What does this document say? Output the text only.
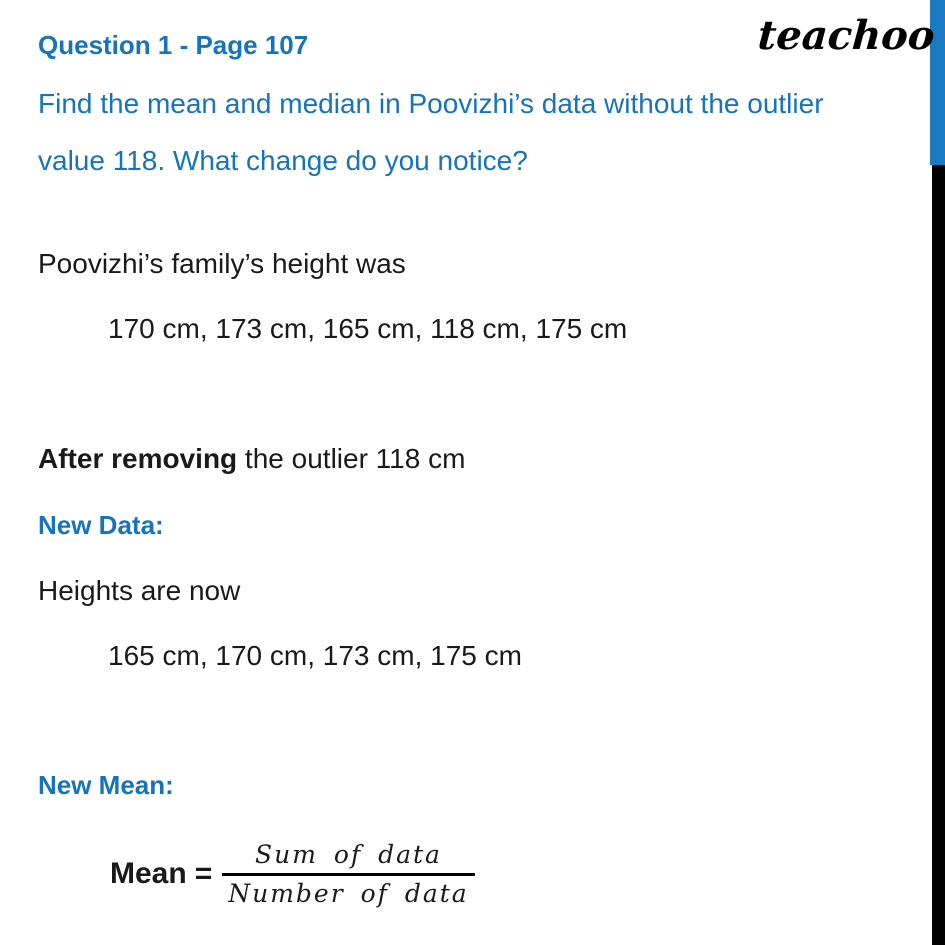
teachoo
Question 1 - Page 107
Find the mean and median in Poovizhi’s data without the outlier
value 118. What change do you notice?
Poovizhi’s family’s height was
170 cm, 173 cm, 165 cm, 118 cm, 175 cm
After removing the outlier 118 cm
New Data:
Heights are now
165 cm, 170 cm, 173 cm, 175 cm
New Mean:
Mean = $\frac{\text{Sum of data}}{\text{Number of data}}$
